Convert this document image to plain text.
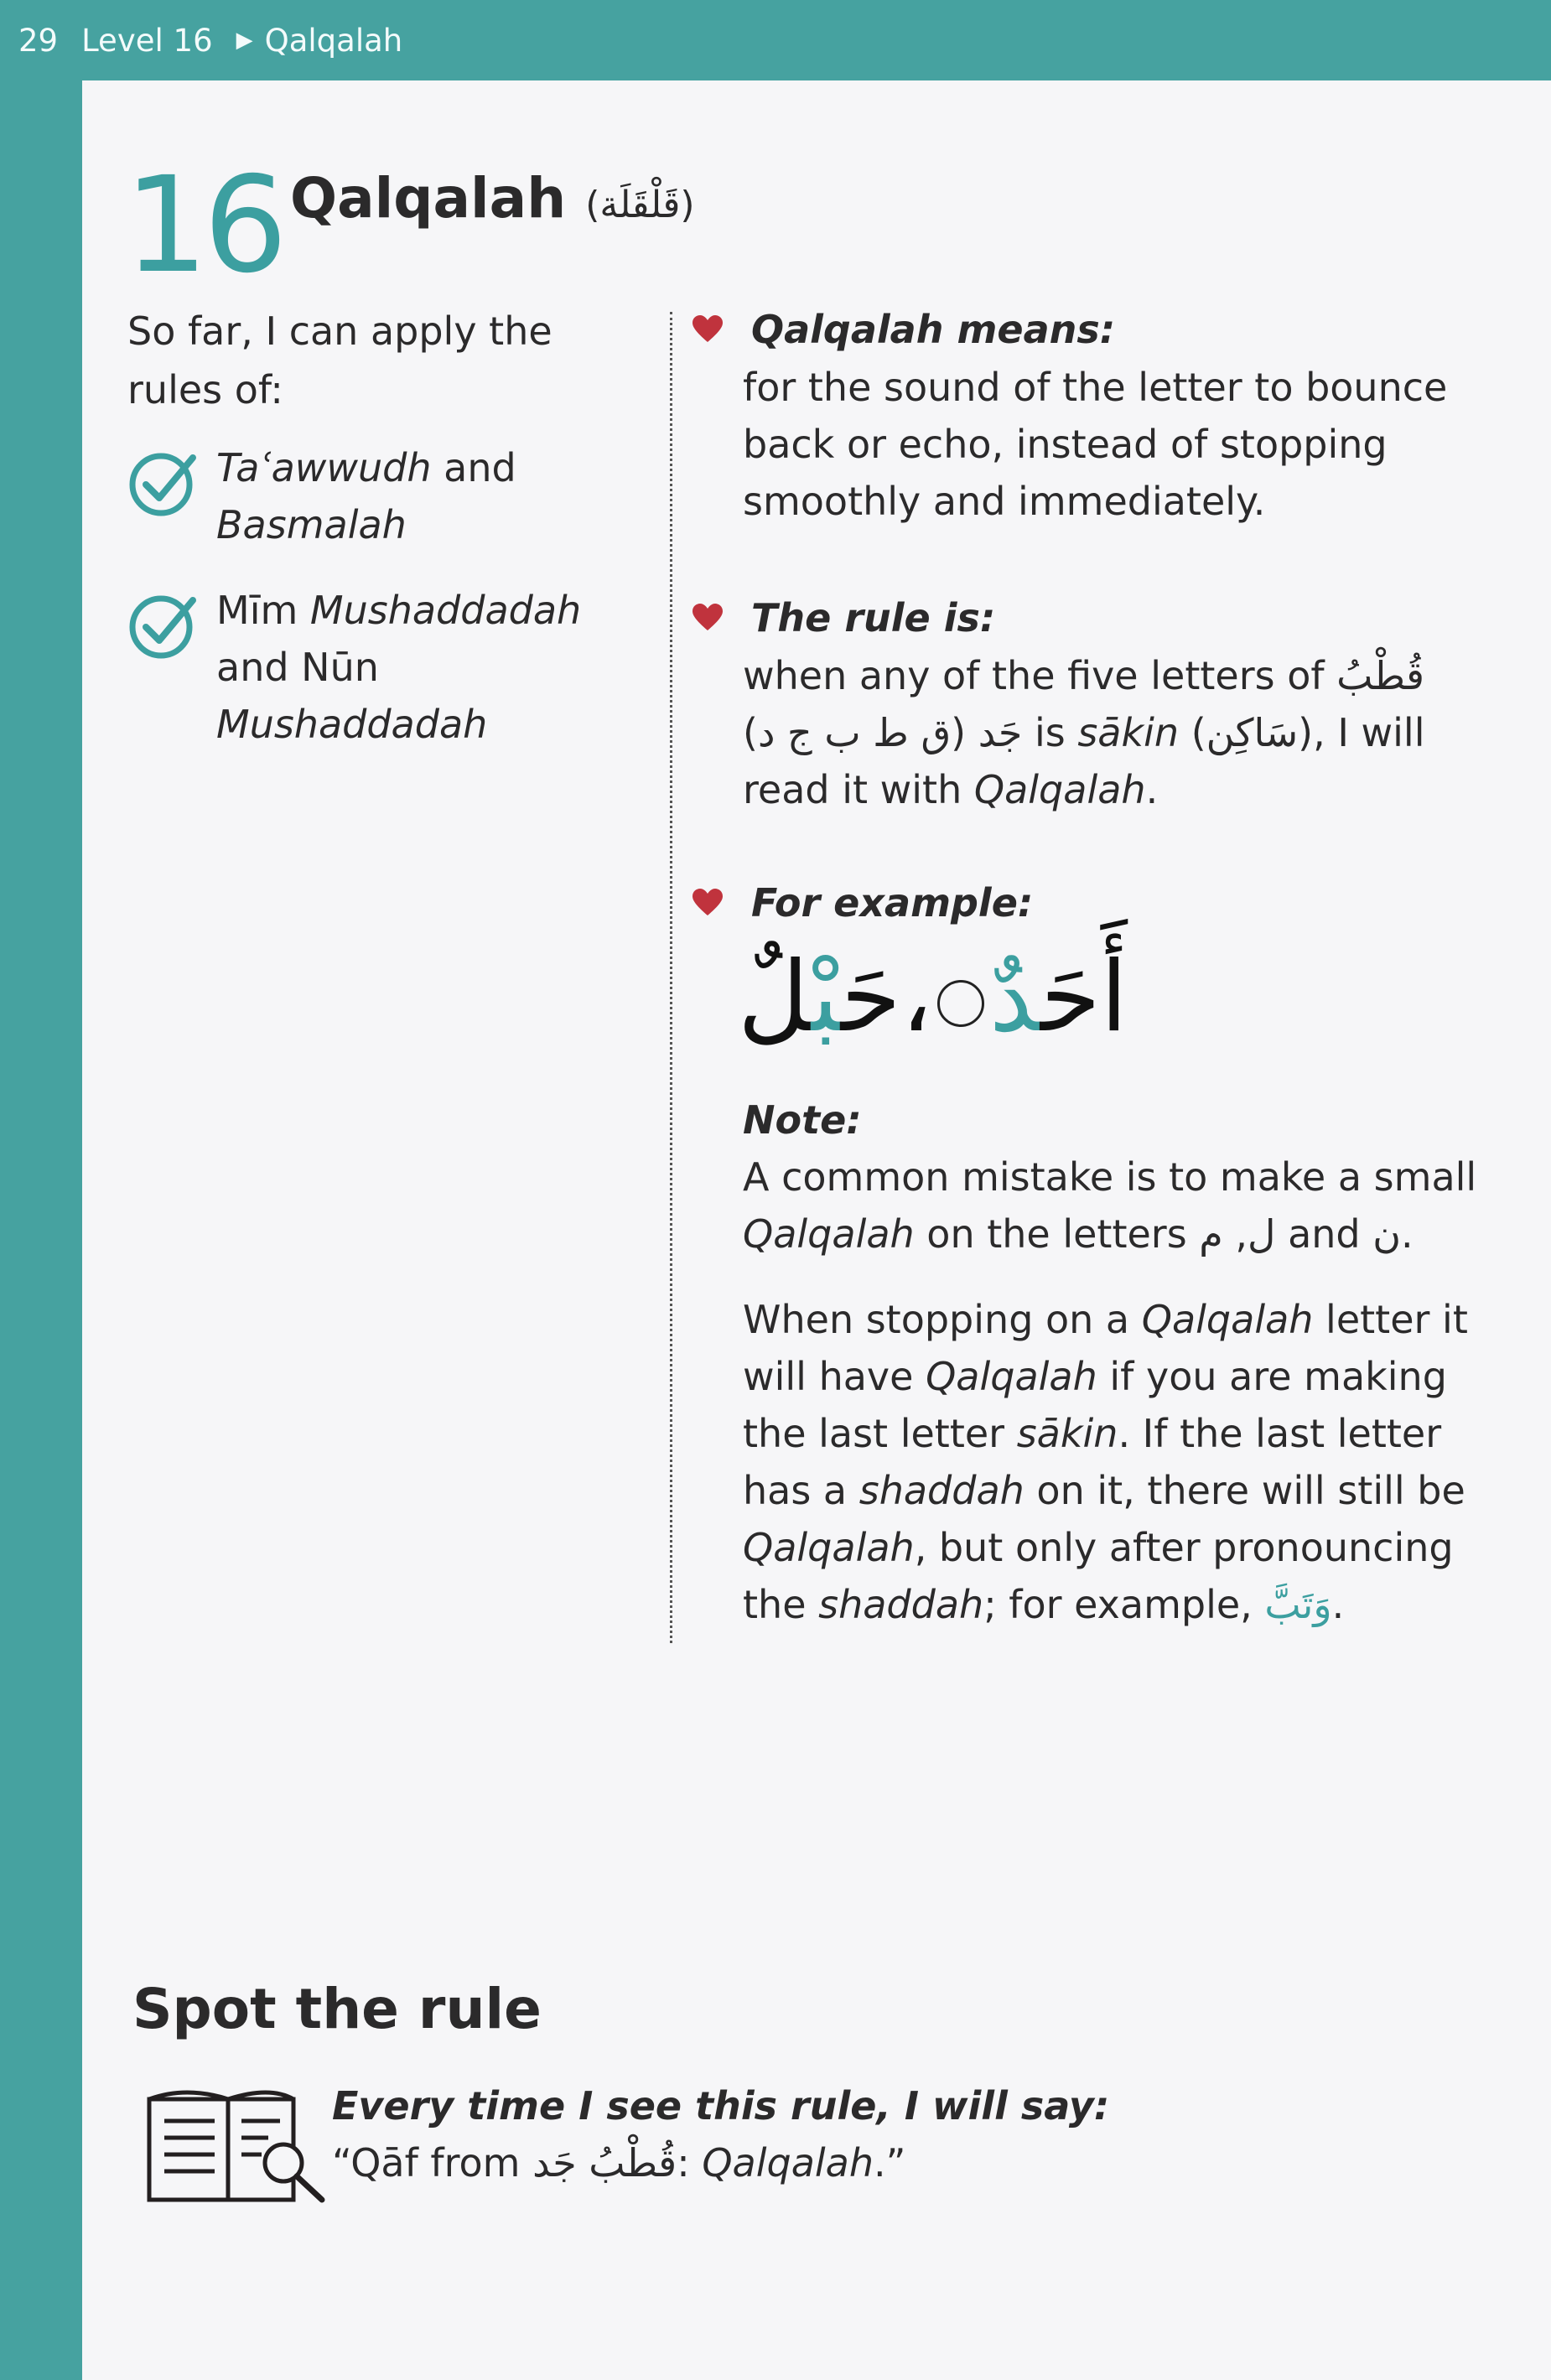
29 Level 16 ▶ Qalqalah
16 Qalqalah (قَلْقَلَة)
So far, I can apply the rules of:
Taʿawwudh and
Basmalah
Mīm Mushaddadah
and Nūn Mushaddadah
Qalqalah means:
for the sound of the letter to bounce back or echo, instead of stopping smoothly and immediately.
The rule is:
when any of the five letters of قُطْبُ جَد (ق ط ب ج د) is sākin (سَاكِن), I will read it with Qalqalah.
For example:
أَحَدٌ،حَبْلٌ
Note:
A common mistake is to make a small Qalqalah on the letters ل, م and ن.
When stopping on a Qalqalah letter it will have Qalqalah if you are making the last letter sākin. If the last letter has a shaddah on it, there will still be Qalqalah, but only after pronouncing the shaddah; for example, وَتَبَّ.
Spot the rule
Every time I see this rule, I will say:
“Qāf from قُطْبُ جَد: Qalqalah.”
